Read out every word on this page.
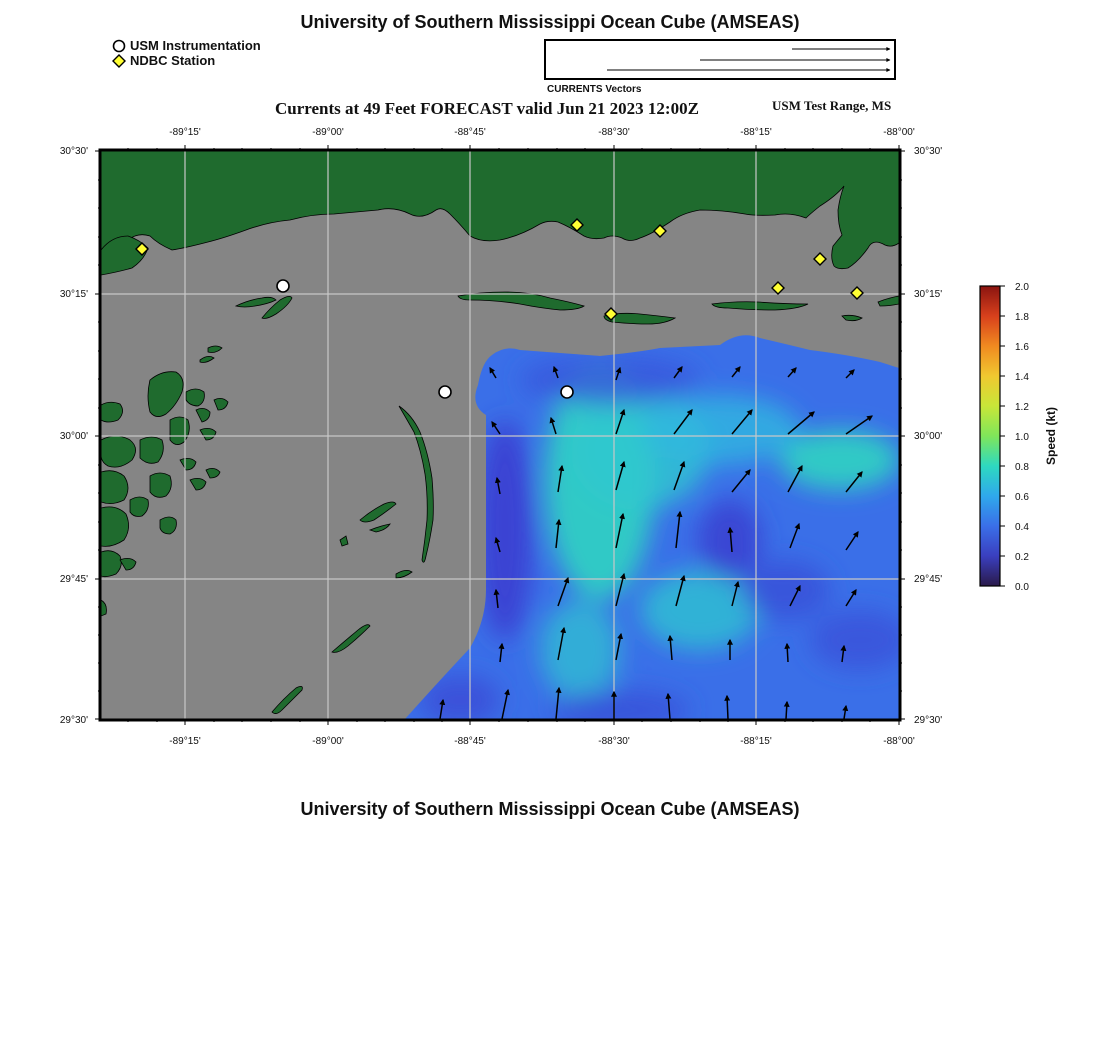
University of Southern Mississippi Ocean Cube (AMSEAS)
USM Instrumentation
NDBC Station
CURRENTS Vectors
Currents at 49 Feet FORECAST valid Jun 21 2023 12:00Z	USM Test Range, MS
-89°15'	-89°00'	-88°45'	-88°30'	-88°15'	-88°00'
-89°15'	-89°00'	-88°45'	-88°30'	-88°15'	-88°00'
30°30'
30°15'
30°00'
29°45'
29°30'
30°30'
30°15'
30°00'
29°45'
29°30'
2.0
1.8
1.6
1.4
1.2
1.0
0.8
0.6
0.4
0.2
0.0
Speed (kt)
University of Southern Mississippi Ocean Cube (AMSEAS)
